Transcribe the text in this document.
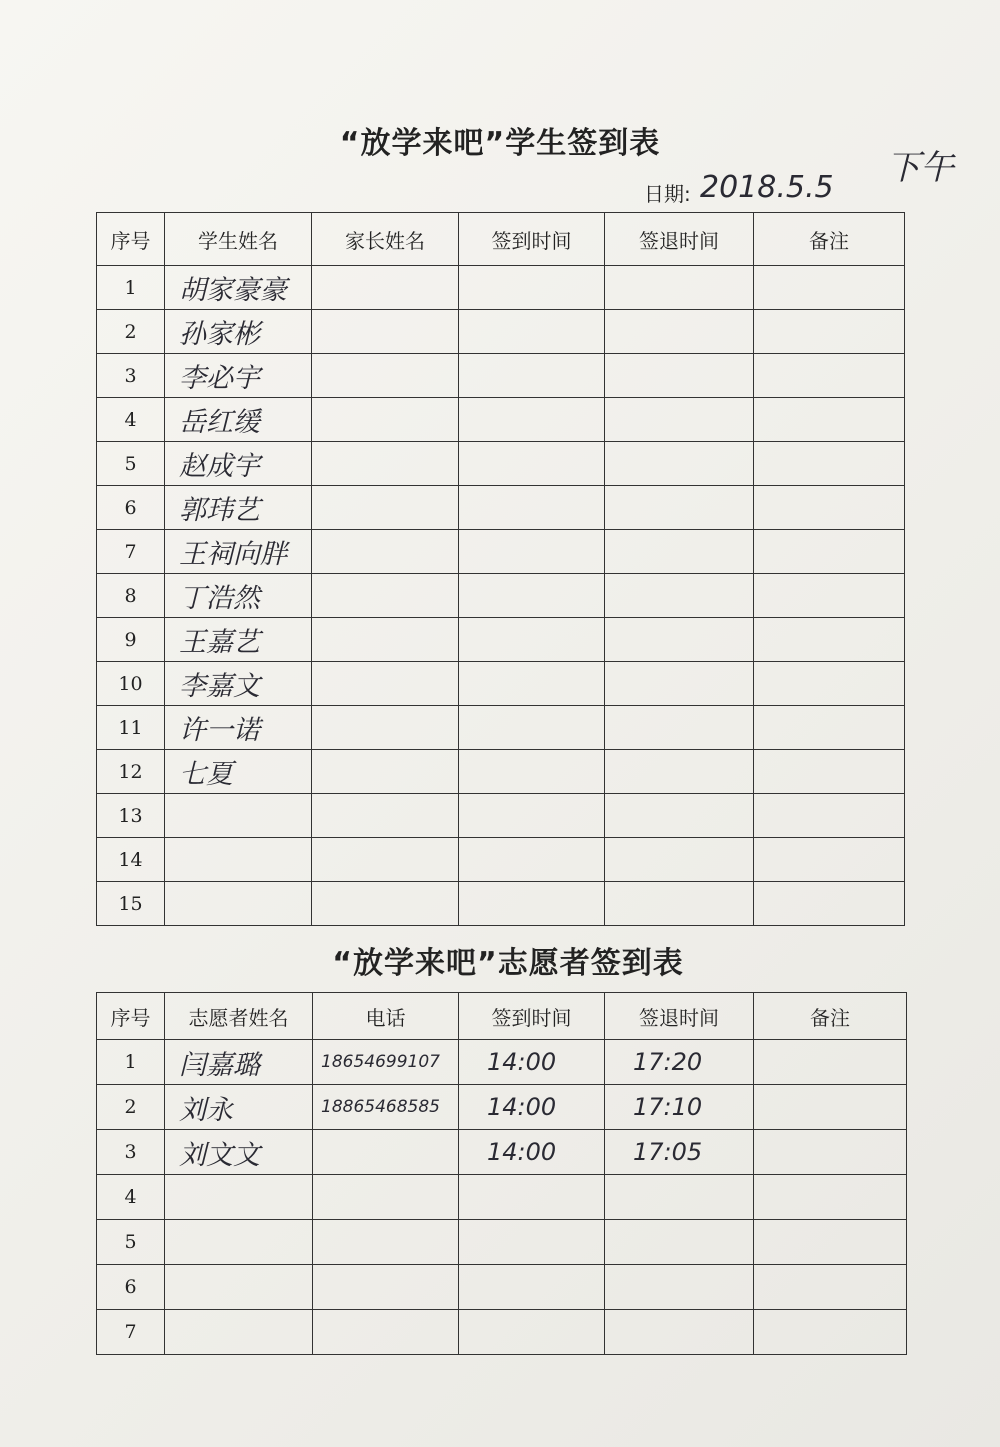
“放学来吧”学生签到表
日期: 2018.5.5 下午
序号	学生姓名	家长姓名	签到时间	签退时间	备注
1	胡家豪豪				
2	孙家彬				
3	李必宇				
4	岳红缓				
5	赵成宇				
6	郭玮艺				
7	王祠向胖				
8	丁浩然				
9	王嘉艺				
10	李嘉文				
11	许一诺				
12	七夏				
13					
14					
15					
“放学来吧”志愿者签到表
序号	志愿者姓名	电话	签到时间	签退时间	备注
1	闫嘉璐	18654699107	14:00	17:20	
2	刘永	18865468585	14:00	17:10	
3	刘文文		14:00	17:05	
4					
5					
6					
7					
